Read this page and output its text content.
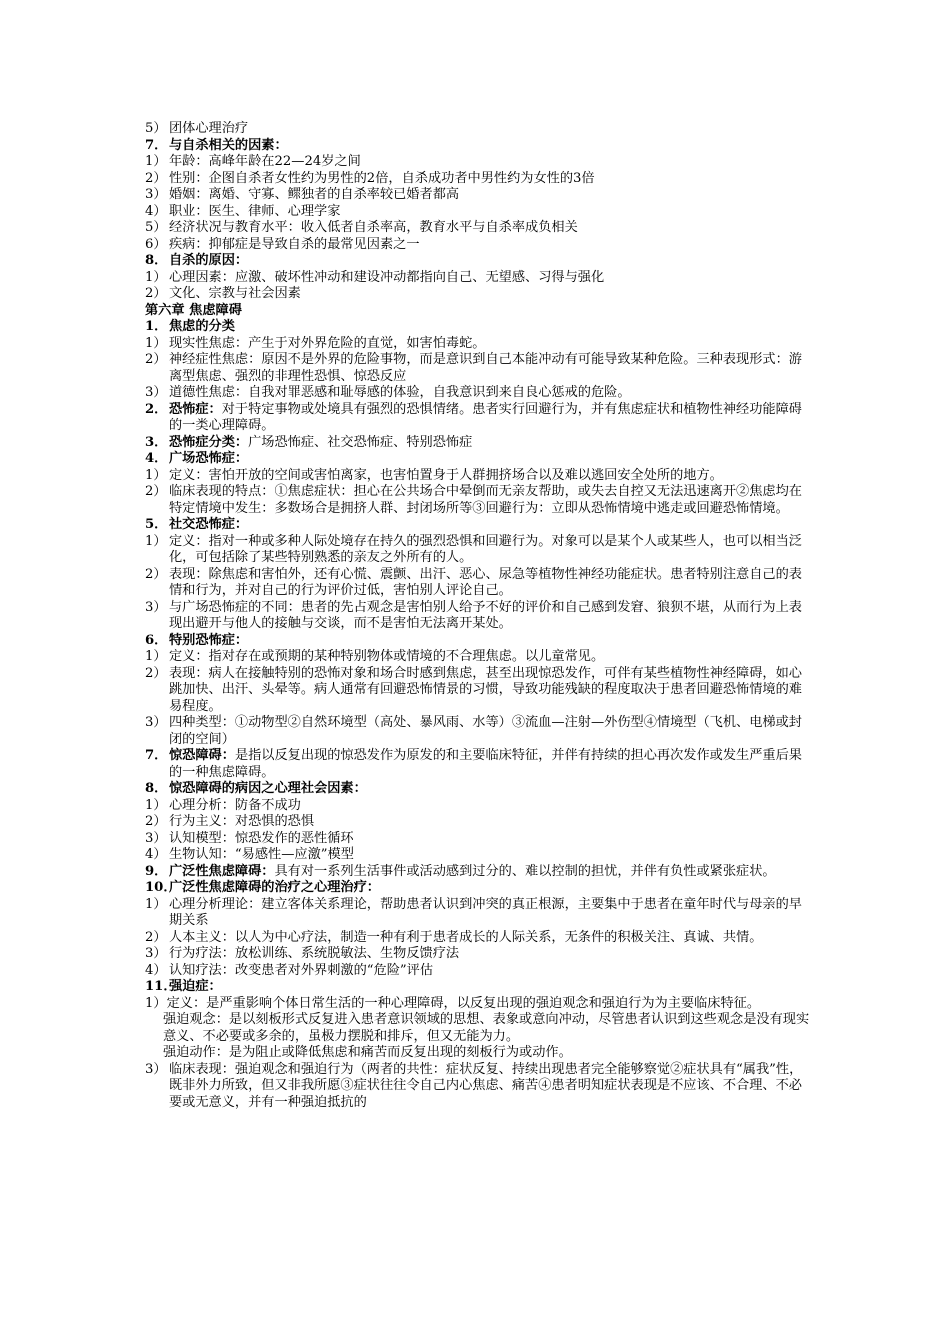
5） 团体心理治疗
7． 与自杀相关的因素：
1） 年龄：高峰年龄在22—24岁之间
2） 性别：企图自杀者女性约为男性的2倍，自杀成功者中男性约为女性的3倍
3） 婚姻：离婚、守寡、鳏独者的自杀率较已婚者都高
4） 职业：医生、律师、心理学家
5） 经济状况与教育水平：收入低者自杀率高，教育水平与自杀率成负相关
6） 疾病：抑郁症是导致自杀的最常见因素之一
8． 自杀的原因：
1） 心理因素：应激、破坏性冲动和建设冲动都指向自己、无望感、习得与强化
2） 文化、宗教与社会因素
第六章 焦虑障碍
1． 焦虑的分类
1） 现实性焦虑：产生于对外界危险的直觉，如害怕毒蛇。
2） 神经症性焦虑：原因不是外界的危险事物，而是意识到自己本能冲动有可能导致某种危险。三种表现形式：游离型焦虑、强烈的非理性恐惧、惊恐反应
3） 道德性焦虑：自我对罪恶感和耻辱感的体验，自我意识到来自良心惩戒的危险。
2． 恐怖症：对于特定事物或处境具有强烈的恐惧情绪。患者实行回避行为，并有焦虑症状和植物性神经功能障碍的一类心理障碍。
3． 恐怖症分类：广场恐怖症、社交恐怖症、特别恐怖症
4． 广场恐怖症：
1） 定义：害怕开放的空间或害怕离家，也害怕置身于人群拥挤场合以及难以逃回安全处所的地方。
2） 临床表现的特点：①焦虑症状：担心在公共场合中晕倒而无亲友帮助，或失去自控又无法迅速离开②焦虑均在特定情境中发生：多数场合是拥挤人群、封闭场所等③回避行为：立即从恐怖情境中逃走或回避恐怖情境。
5． 社交恐怖症：
1） 定义：指对一种或多种人际处境存在持久的强烈恐惧和回避行为。对象可以是某个人或某些人，也可以相当泛化，可包括除了某些特别熟悉的亲友之外所有的人。
2） 表现：除焦虑和害怕外，还有心慌、震颤、出汗、恶心、尿急等植物性神经功能症状。患者特别注意自己的表情和行为，并对自己的行为评价过低，害怕别人评论自己。
3） 与广场恐怖症的不同：患者的先占观念是害怕别人给予不好的评价和自己感到发窘、狼狈不堪，从而行为上表现出避开与他人的接触与交谈，而不是害怕无法离开某处。
6． 特别恐怖症：
1） 定义：指对存在或预期的某种特别物体或情境的不合理焦虑。以儿童常见。
2） 表现：病人在接触特别的恐怖对象和场合时感到焦虑，甚至出现惊恐发作，可伴有某些植物性神经障碍，如心跳加快、出汗、头晕等。病人通常有回避恐怖情景的习惯，导致功能残缺的程度取决于患者回避恐怖情境的难易程度。
3） 四种类型：①动物型②自然环境型（高处、暴风雨、水等）③流血—注射—外伤型④情境型（飞机、电梯或封闭的空间）
7． 惊恐障碍：是指以反复出现的惊恐发作为原发的和主要临床特征，并伴有持续的担心再次发作或发生严重后果的一种焦虑障碍。
8． 惊恐障碍的病因之心理社会因素：
1） 心理分析：防备不成功
2） 行为主义：对恐惧的恐惧
3） 认知模型：惊恐发作的恶性循环
4） 生物认知：“易感性—应激”模型
9． 广泛性焦虑障碍：具有对一系列生活事件或活动感到过分的、难以控制的担忧，并伴有负性或紧张症状。
10．
广泛性焦虑障碍的治疗之心理治疗：
1） 心理分析理论：建立客体关系理论，帮助患者认识到冲突的真正根源，主要集中于患者在童年时代与母亲的早期关系
2） 人本主义：以人为中心疗法，制造一种有利于患者成长的人际关系，无条件的积极关注、真诚、共情。
3） 行为疗法：放松训练、系统脱敏法、生物反馈疗法
4） 认知疗法：改变患者对外界刺激的“危险”评估
11．
强迫症：
1）定义：是严重影响个体日常生活的一种心理障碍，以反复出现的强迫观念和强迫行为为主要临床特征。
强迫观念：是以刻板形式反复进入患者意识领域的思想、表象或意向冲动，尽管患者认识到这些观念是没有现实意义、不必要或多余的，虽极力摆脱和排斥，但又无能为力。
强迫动作：是为阻止或降低焦虑和痛苦而反复出现的刻板行为或动作。
3） 临床表现：强迫观念和强迫行为（两者的共性：症状反复、持续出现患者完全能够察觉②症状具有“属我”性，既非外力所致，但又非我所愿③症状往往令自己内心焦虑、痛苦④患者明知症状表现是不应该、不合理、不必要或无意义，并有一种强迫抵抗的
